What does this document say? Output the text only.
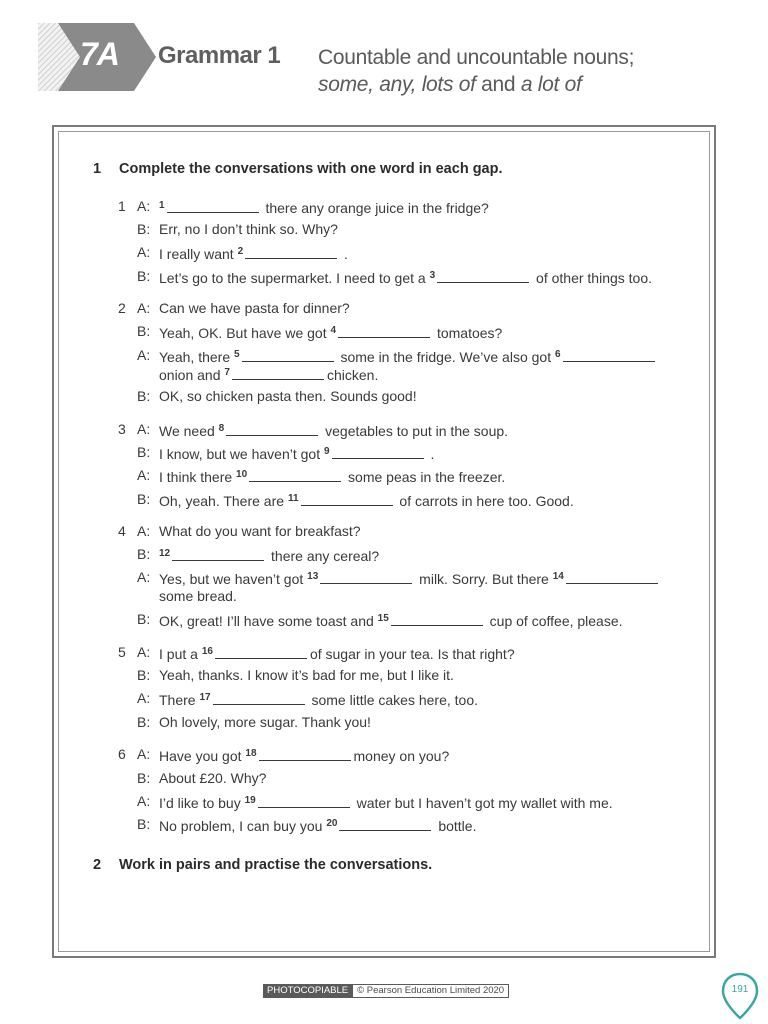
7A	Grammar 1 Countable and uncountable nouns;
some, any, lots of and a lot of
1 Complete the conversations with one word in each gap.
1 A: $^1$	there any orange juice in the fridge?
B: Err, no I don’t think so. Why?
A: I really want $^2$	.
B: Let’s go to the supermarket. I need to get a $^3$	of other things too.
2 A: Can we have pasta for dinner?
B: Yeah, OK. But have we got $^4$	tomatoes?
A: Yeah, there $^5$	some in the fridge. We’ve also got $^6$
onion and $^7$	chicken.
B: OK, so chicken pasta then. Sounds good!
3 A: We need $^8$	vegetables to put in the soup.
B: I know, but we haven’t got $^9$	.
A: I think there $^{10}$	some peas in the freezer.
B: Oh, yeah. There are $^{11}$	of carrots in here too. Good.
4 A: What do you want for breakfast?
B: $^{12}$	there any cereal?
A: Yes, but we haven’t got $^{13}$	milk. Sorry. But there $^{14}$
some bread.
B: OK, great! I’ll have some toast and $^{15}$	cup of coffee, please.
5 A: I put a $^{16}$	of sugar in your tea. Is that right?
B: Yeah, thanks. I know it’s bad for me, but I like it.
A: There $^{17}$	some little cakes here, too.
B: Oh lovely, more sugar. Thank you!
6 A: Have you got $^{18}$	money on you?
B: About £20. Why?
A: I’d like to buy $^{19}$	water but I haven’t got my wallet with me.
B: No problem, I can buy you $^{20}$	bottle.
2 Work in pairs and practise the conversations.
PHOTOCOPIABLE © Pearson Education Limited 2020	191
